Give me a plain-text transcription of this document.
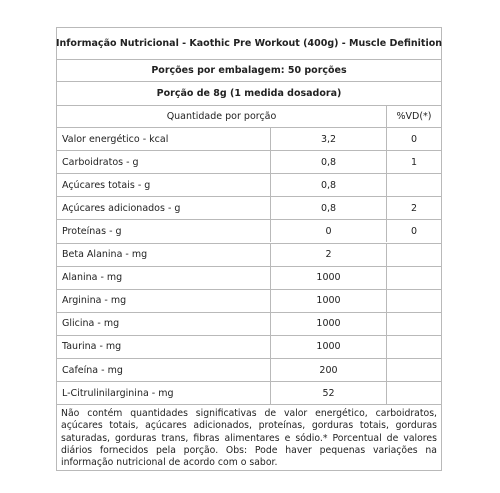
Informação Nutricional - Kaothic Pre Workout (400g) - Muscle Definition
Porções por embalagem: 50 porções
Porção de 8g (1 medida dosadora)
Quantidade por porção	%VD(*)
Valor energético - kcal	3,2	0
Carboidratos - g	0,8	1
Açúcares totais - g	0,8
Açúcares adicionados - g	0,8	2
Proteínas - g	0	0
Beta Alanina - mg	2
Alanina - mg	1000
Arginina - mg	1000
Glicina - mg	1000
Taurina - mg	1000
Cafeína - mg	200
L-Citrulinilarginina - mg	52
Não contém quantidades significativas de valor energético, carboidratos, açúcares totais, açúcares adicionados, proteínas, gorduras totais, gorduras saturadas, gorduras trans, fibras alimentares e sódio.* Porcentual de valores diários fornecidos pela porção. Obs: Pode haver pequenas variações na informação nutricional de acordo com o sabor.
